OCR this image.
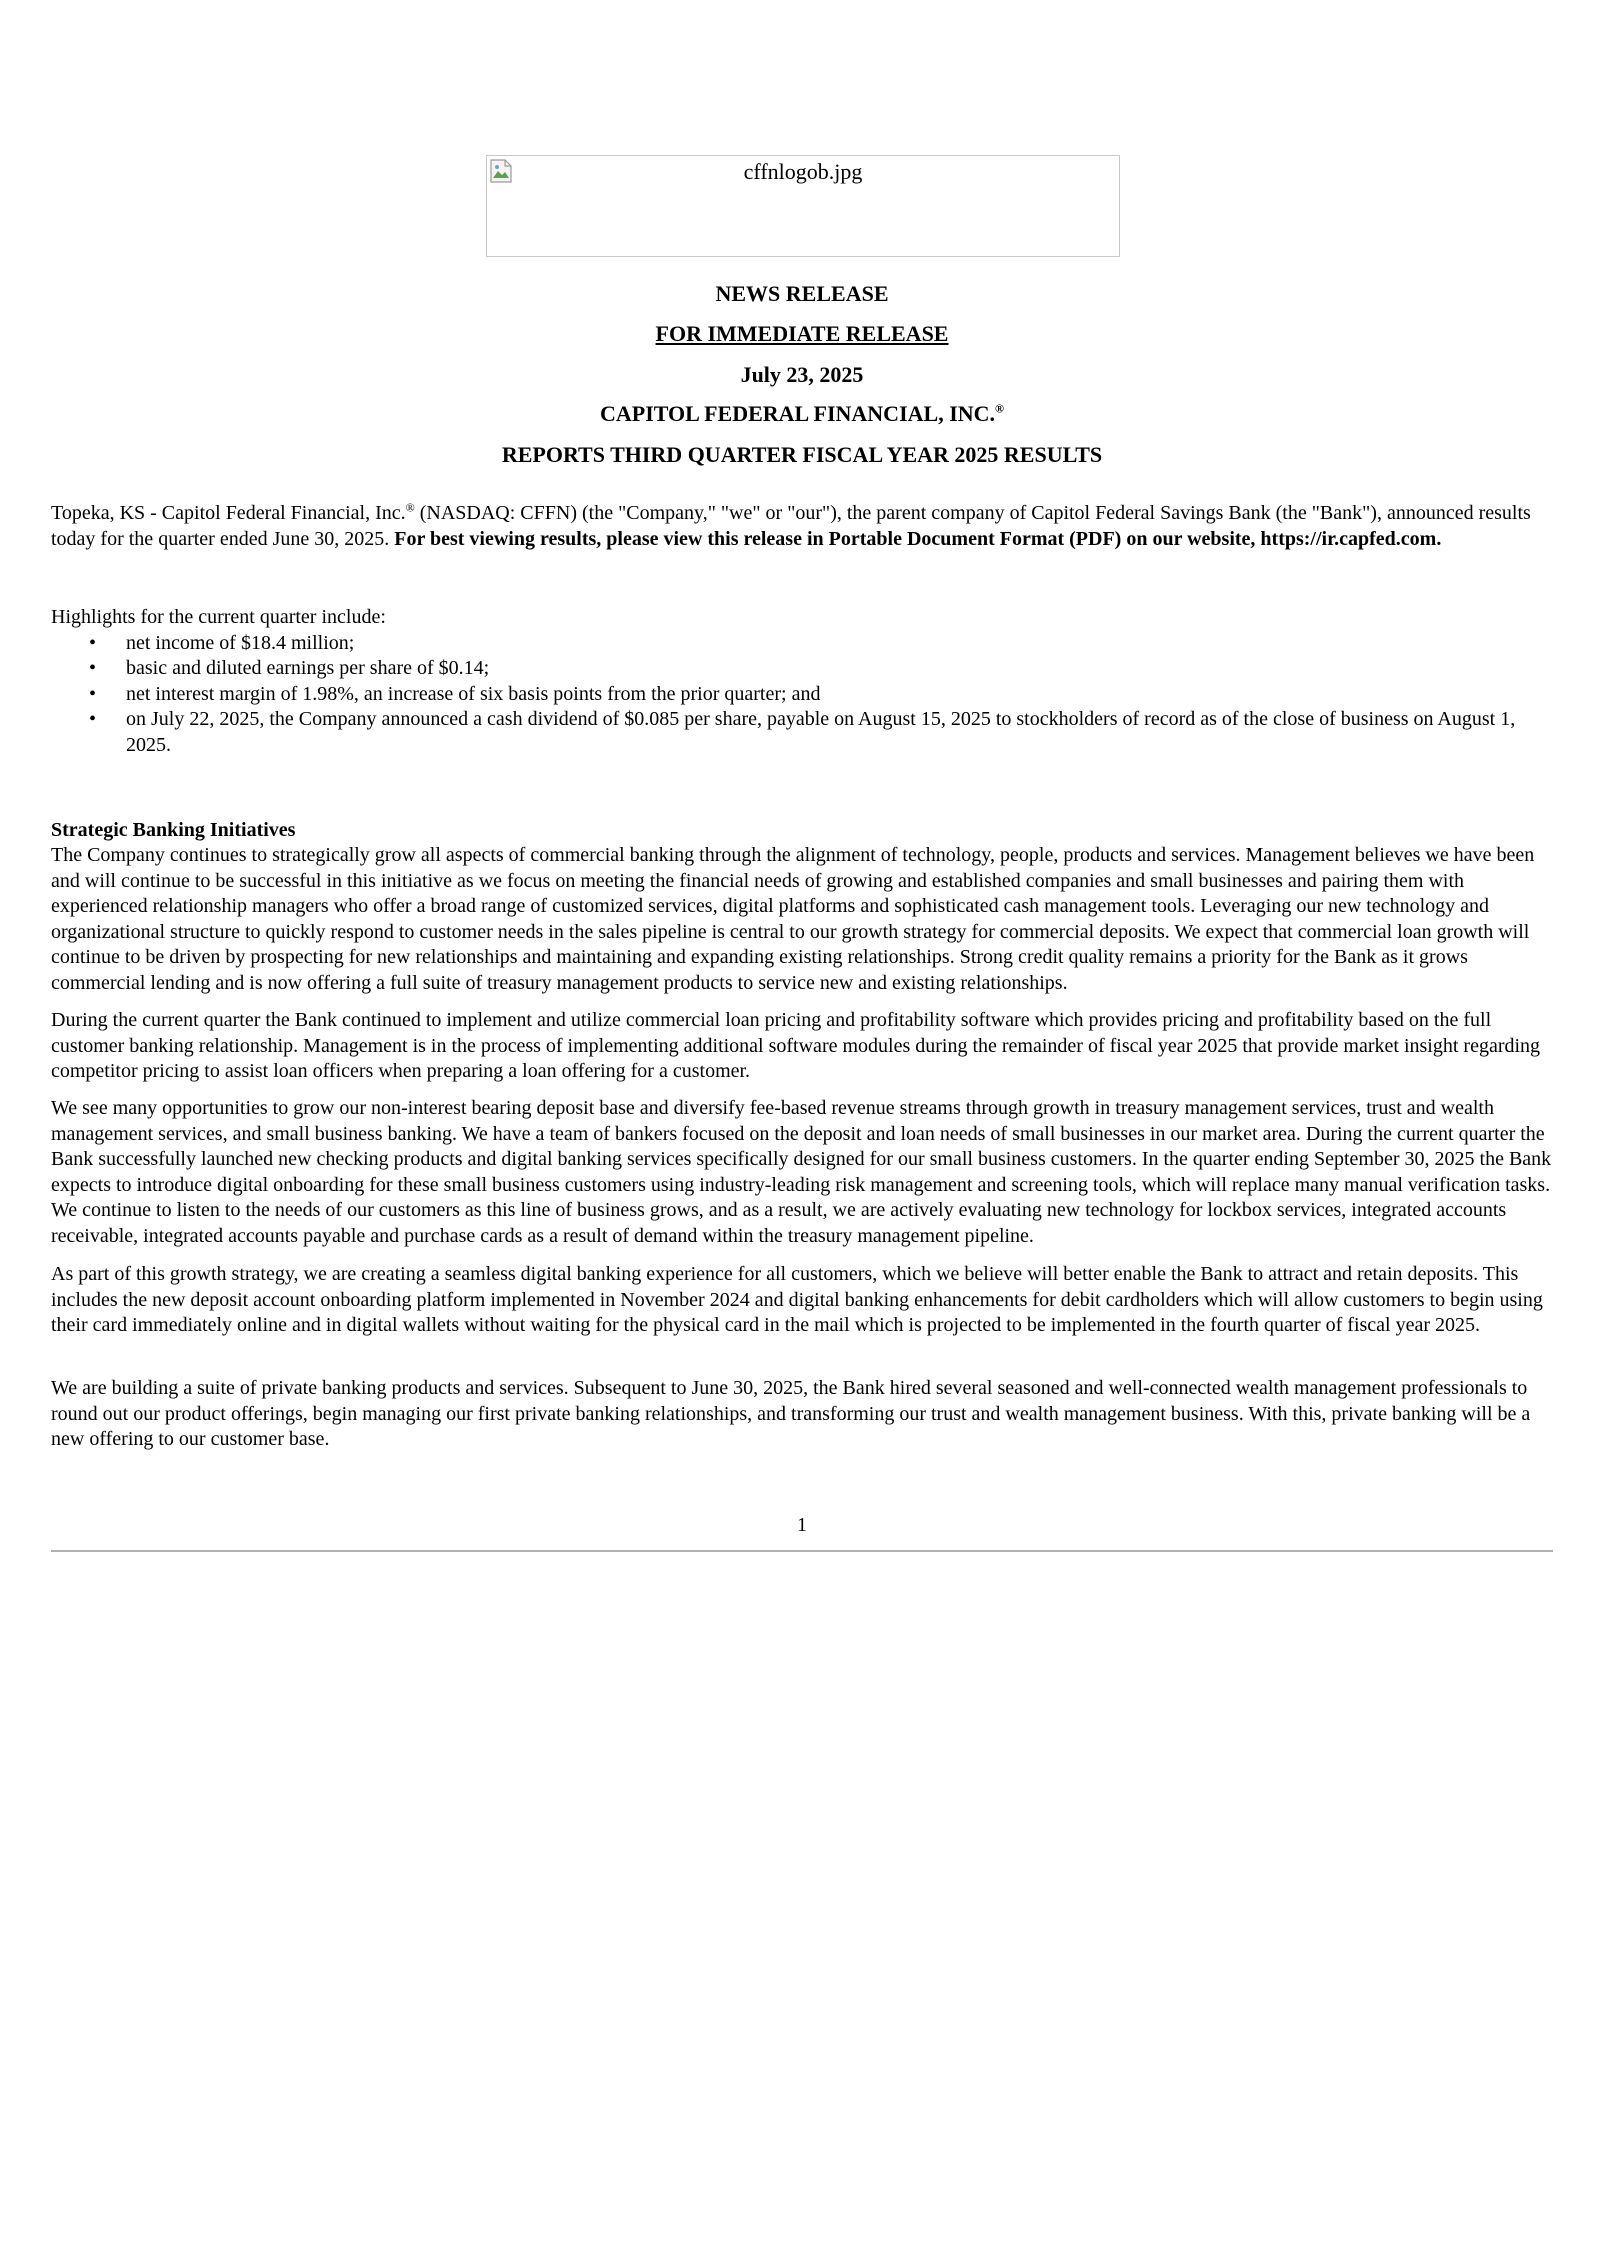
cffnlogob.jpg
NEWS RELEASE
FOR IMMEDIATE RELEASE
July 23, 2025
CAPITOL FEDERAL FINANCIAL, INC.®
REPORTS THIRD QUARTER FISCAL YEAR 2025 RESULTS

Topeka, KS - Capitol Federal Financial, Inc.® (NASDAQ: CFFN) (the "Company," "we" or "our"), the parent company of Capitol Federal Savings Bank (the "Bank"), announced results today for the quarter ended June 30, 2025. For best viewing results, please view this release in Portable Document Format (PDF) on our website, https://ir.capfed.com.

Highlights for the current quarter include:
• net income of $18.4 million;
• basic and diluted earnings per share of $0.14;
• net interest margin of 1.98%, an increase of six basis points from the prior quarter; and
• on July 22, 2025, the Company announced a cash dividend of $0.085 per share, payable on August 15, 2025 to stockholders of record as of the close of business on August 1, 2025.
Strategic Banking Initiatives

The Company continues to strategically grow all aspects of commercial banking through the alignment of technology, people, products and services. Management believes we have been and will continue to be successful in this initiative as we focus on meeting the financial needs of growing and established companies and small businesses and pairing them with experienced relationship managers who offer a broad range of customized services, digital platforms and sophisticated cash management tools. Leveraging our new technology and organizational structure to quickly respond to customer needs in the sales pipeline is central to our growth strategy for commercial deposits. We expect that commercial loan growth will continue to be driven by prospecting for new relationships and maintaining and expanding existing relationships. Strong credit quality remains a priority for the Bank as it grows commercial lending and is now offering a full suite of treasury management products to service new and existing relationships.

During the current quarter the Bank continued to implement and utilize commercial loan pricing and profitability software which provides pricing and profitability based on the full customer banking relationship. Management is in the process of implementing additional software modules during the remainder of fiscal year 2025 that provide market insight regarding competitor pricing to assist loan officers when preparing a loan offering for a customer.

We see many opportunities to grow our non-interest bearing deposit base and diversify fee-based revenue streams through growth in treasury management services, trust and wealth management services, and small business banking. We have a team of bankers focused on the deposit and loan needs of small businesses in our market area. During the current quarter the Bank successfully launched new checking products and digital banking services specifically designed for our small business customers. In the quarter ending September 30, 2025 the Bank expects to introduce digital onboarding for these small business customers using industry-leading risk management and screening tools, which will replace many manual verification tasks. We continue to listen to the needs of our customers as this line of business grows, and as a result, we are actively evaluating new technology for lockbox services, integrated accounts receivable, integrated accounts payable and purchase cards as a result of demand within the treasury management pipeline.

As part of this growth strategy, we are creating a seamless digital banking experience for all customers, which we believe will better enable the Bank to attract and retain deposits. This includes the new deposit account onboarding platform implemented in November 2024 and digital banking enhancements for debit cardholders which will allow customers to begin using their card immediately online and in digital wallets without waiting for the physical card in the mail which is projected to be implemented in the fourth quarter of fiscal year 2025.

We are building a suite of private banking products and services. Subsequent to June 30, 2025, the Bank hired several seasoned and well-connected wealth management professionals to round out our product offerings, begin managing our first private banking relationships, and transforming our trust and wealth management business. With this, private banking will be a new offering to our customer base.

1
